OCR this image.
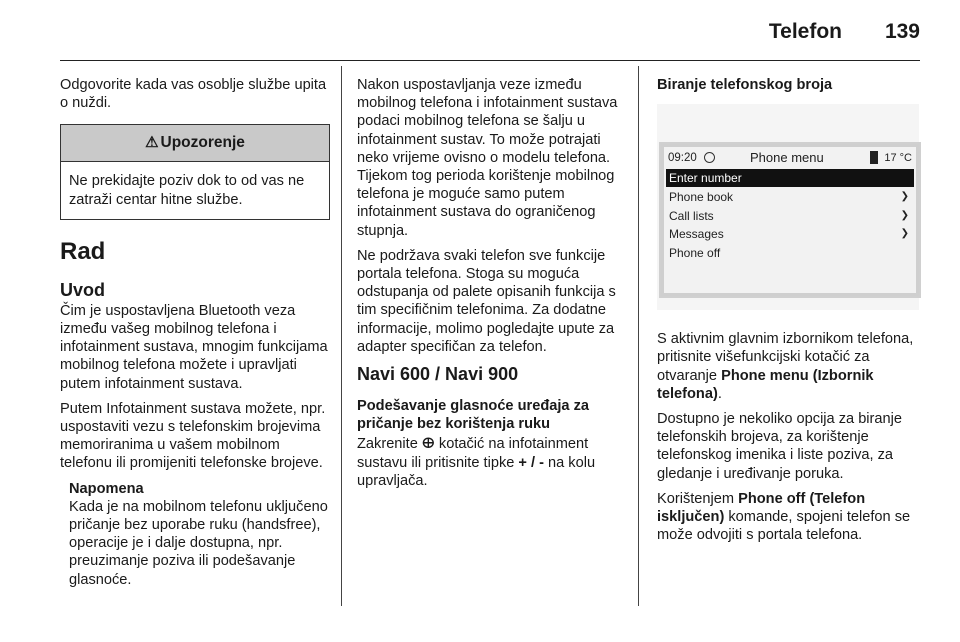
Telefon 139

Odgovorite kada vas osoblje službe upita o nuždi.

⚠ Upozorenje
Ne prekidajte poziv dok to od vas ne zatraži centar hitne službe.
Rad
Uvod

Čim je uspostavljena Bluetooth veza između vašeg mobilnog telefona i infotainment sustava, mnogim funkcijama mobilnog telefona možete i upravljati putem infotainment sustava.

Putem Infotainment sustava možete, npr. uspostaviti vezu s telefonskim brojevima memoriranima u vašem mobilnom telefonu ili promijeniti telefonske brojeve.

Napomena
Kada je na mobilnom telefonu uključeno pričanje bez uporabe ruku (handsfree), operacije je i dalje dostupna, npr. preuzimanje poziva ili podešavanje glasnoće.

Nakon uspostavljanja veze između mobilnog telefona i infotainment sustava podaci mobilnog telefona se šalju u infotainment sustav. To može potrajati neko vrijeme ovisno o modelu telefona. Tijekom tog perioda korištenje mobilnog telefona je moguće samo putem infotainment sustava do ograničenog stupnja.

Ne podržava svaki telefon sve funkcije portala telefona. Stoga su moguća odstupanja od palete opisanih funkcija s tim specifičnim telefonima. Za dodatne informacije, molimo pogledajte upute za adapter specifičan za telefon.

Navi 600 / Navi 900
Podešavanje glasnoće uređaja za pričanje bez korištenja ruku

Zakrenite ⴲ kotačić na infotainment sustavu ili pritisnite tipke + / - na kolu upravljača.

Biranje telefonskog broja
09:20	Phone menu	17 °C
Enter number
Phone book	❯
Call lists	❯
Messages	❯
Phone off

S aktivnim glavnim izbornikom telefona, pritisnite višefunkcijski kotačić za otvaranje Phone menu (Izbornik telefona).

Dostupno je nekoliko opcija za biranje telefonskih brojeva, za korištenje telefonskog imenika i liste poziva, za gledanje i uređivanje poruka.

Korištenjem Phone off (Telefon isključen) komande, spojeni telefon se može odvojiti s portala telefona.
